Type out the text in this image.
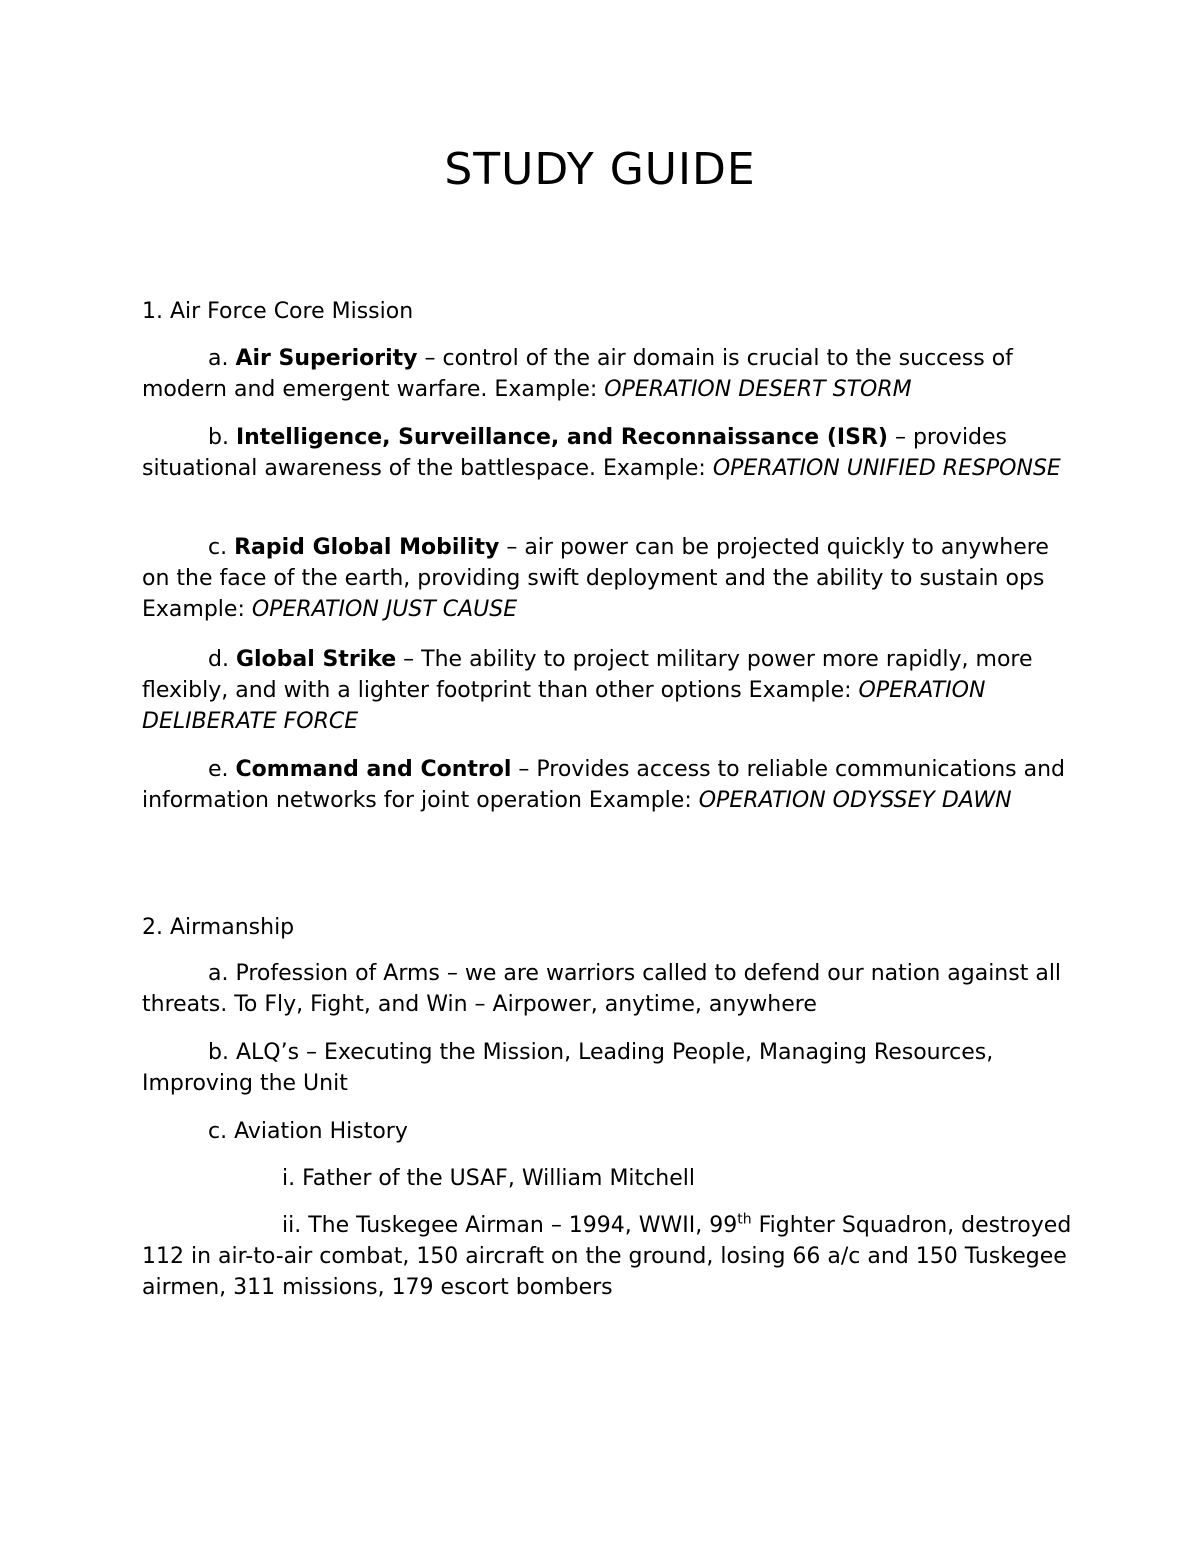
STUDY GUIDE
1. Air Force Core Mission
a. Air Superiority – control of the air domain is crucial to the success of modern and emergent warfare. Example: OPERATION DESERT STORM
b. Intelligence, Surveillance, and Reconnaissance (ISR) – provides situational awareness of the battlespace. Example: OPERATION UNIFIED RESPONSE
c. Rapid Global Mobility – air power can be projected quickly to anywhere on the face of the earth, providing swift deployment and the ability to sustain ops Example: OPERATION JUST CAUSE
d. Global Strike – The ability to project military power more rapidly, more flexibly, and with a lighter footprint than other options Example: OPERATION DELIBERATE FORCE
e. Command and Control – Provides access to reliable communications and information networks for joint operation Example: OPERATION ODYSSEY DAWN
2. Airmanship
a. Profession of Arms – we are warriors called to defend our nation against all threats. To Fly, Fight, and Win – Airpower, anytime, anywhere
b. ALQ’s – Executing the Mission, Leading People, Managing Resources, Improving the Unit
c. Aviation History
i. Father of the USAF, William Mitchell
ii. The Tuskegee Airman – 1994, WWII, 99th Fighter Squadron, destroyed 112 in air-to-air combat, 150 aircraft on the ground, losing 66 a/c and 150 Tuskegee airmen, 311 missions, 179 escort bombers
